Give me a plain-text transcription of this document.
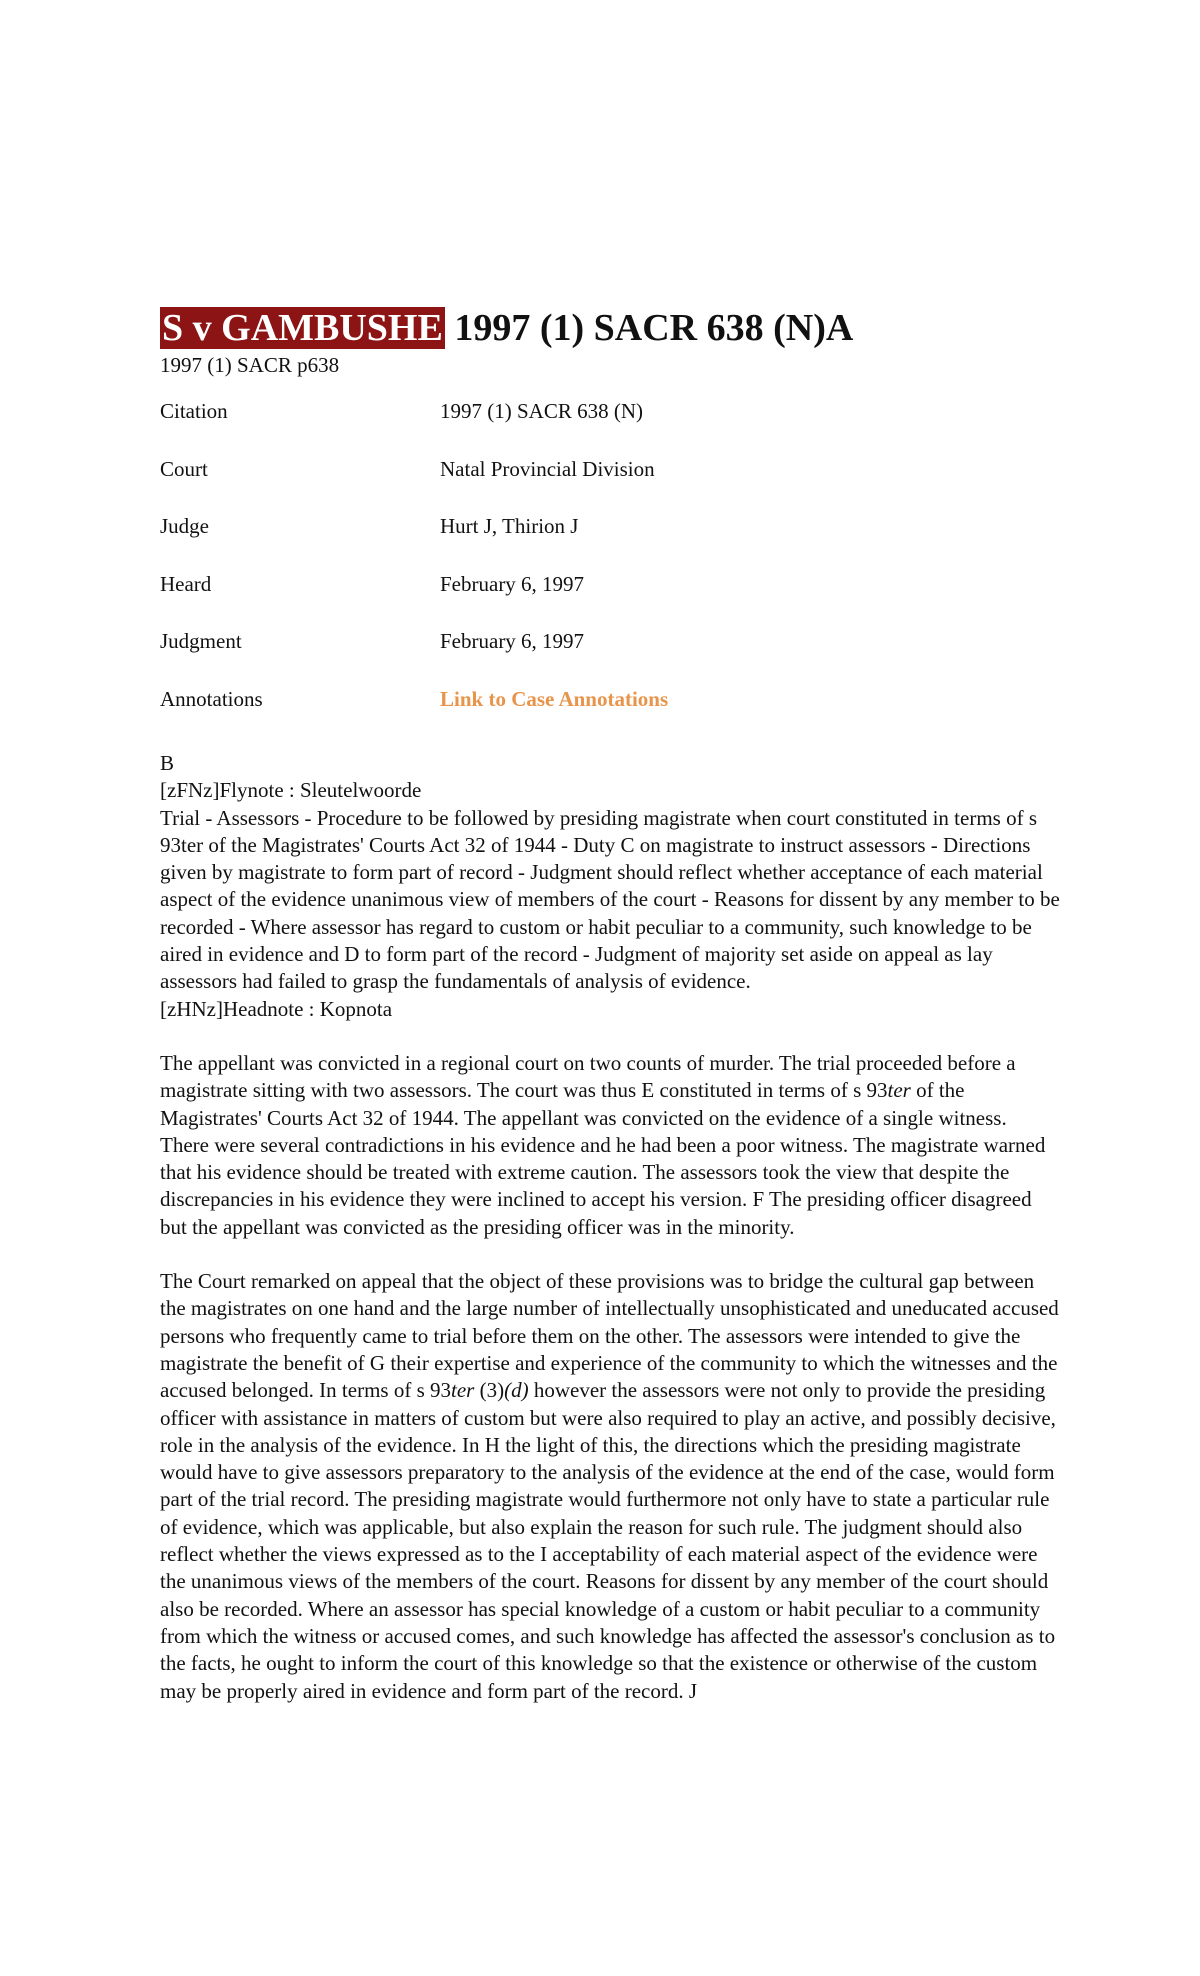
S v GAMBUSHE 1997 (1) SACR 638 (N)A
1997 (1) SACR p638
Citation	1997 (1) SACR 638 (N)
Court	Natal Provincial Division
Judge	Hurt J, Thirion J
Heard	February 6, 1997
Judgment	February 6, 1997
Annotations	Link to Case Annotations

B

[zFNz]Flynote : Sleutelwoorde

Trial - Assessors - Procedure to be followed by presiding magistrate when court constituted in terms of s 93ter of the Magistrates' Courts Act 32 of 1944 - Duty C on magistrate to instruct assessors - Directions given by magistrate to form part of record - Judgment should reflect whether acceptance of each material aspect of the evidence unanimous view of members of the court - Reasons for dissent by any member to be recorded - Where assessor has regard to custom or habit peculiar to a community, such knowledge to be aired in evidence and D to form part of the record - Judgment of majority set aside on appeal as lay assessors had failed to grasp the fundamentals of analysis of evidence.

[zHNz]Headnote : Kopnota

The appellant was convicted in a regional court on two counts of murder. The trial proceeded before a magistrate sitting with two assessors. The court was thus E constituted in terms of s 93ter of the Magistrates' Courts Act 32 of 1944. The appellant was convicted on the evidence of a single witness. There were several contradictions in his evidence and he had been a poor witness. The magistrate warned that his evidence should be treated with extreme caution. The assessors took the view that despite the discrepancies in his evidence they were inclined to accept his version. F The presiding officer disagreed but the appellant was convicted as the presiding officer was in the minority.

The Court remarked on appeal that the object of these provisions was to bridge the cultural gap between the magistrates on one hand and the large number of intellectually unsophisticated and uneducated accused persons who frequently came to trial before them on the other. The assessors were intended to give the magistrate the benefit of G their expertise and experience of the community to which the witnesses and the accused belonged. In terms of s 93ter (3)(d) however the assessors were not only to provide the presiding officer with assistance in matters of custom but were also required to play an active, and possibly decisive, role in the analysis of the evidence. In H the light of this, the directions which the presiding magistrate would have to give assessors preparatory to the analysis of the evidence at the end of the case, would form part of the trial record. The presiding magistrate would furthermore not only have to state a particular rule of evidence, which was applicable, but also explain the reason for such rule. The judgment should also reflect whether the views expressed as to the I acceptability of each material aspect of the evidence were the unanimous views of the members of the court. Reasons for dissent by any member of the court should also be recorded. Where an assessor has special knowledge of a custom or habit peculiar to a community from which the witness or accused comes, and such knowledge has affected the assessor's conclusion as to the facts, he ought to inform the court of this knowledge so that the existence or otherwise of the custom may be properly aired in evidence and form part of the record. J
